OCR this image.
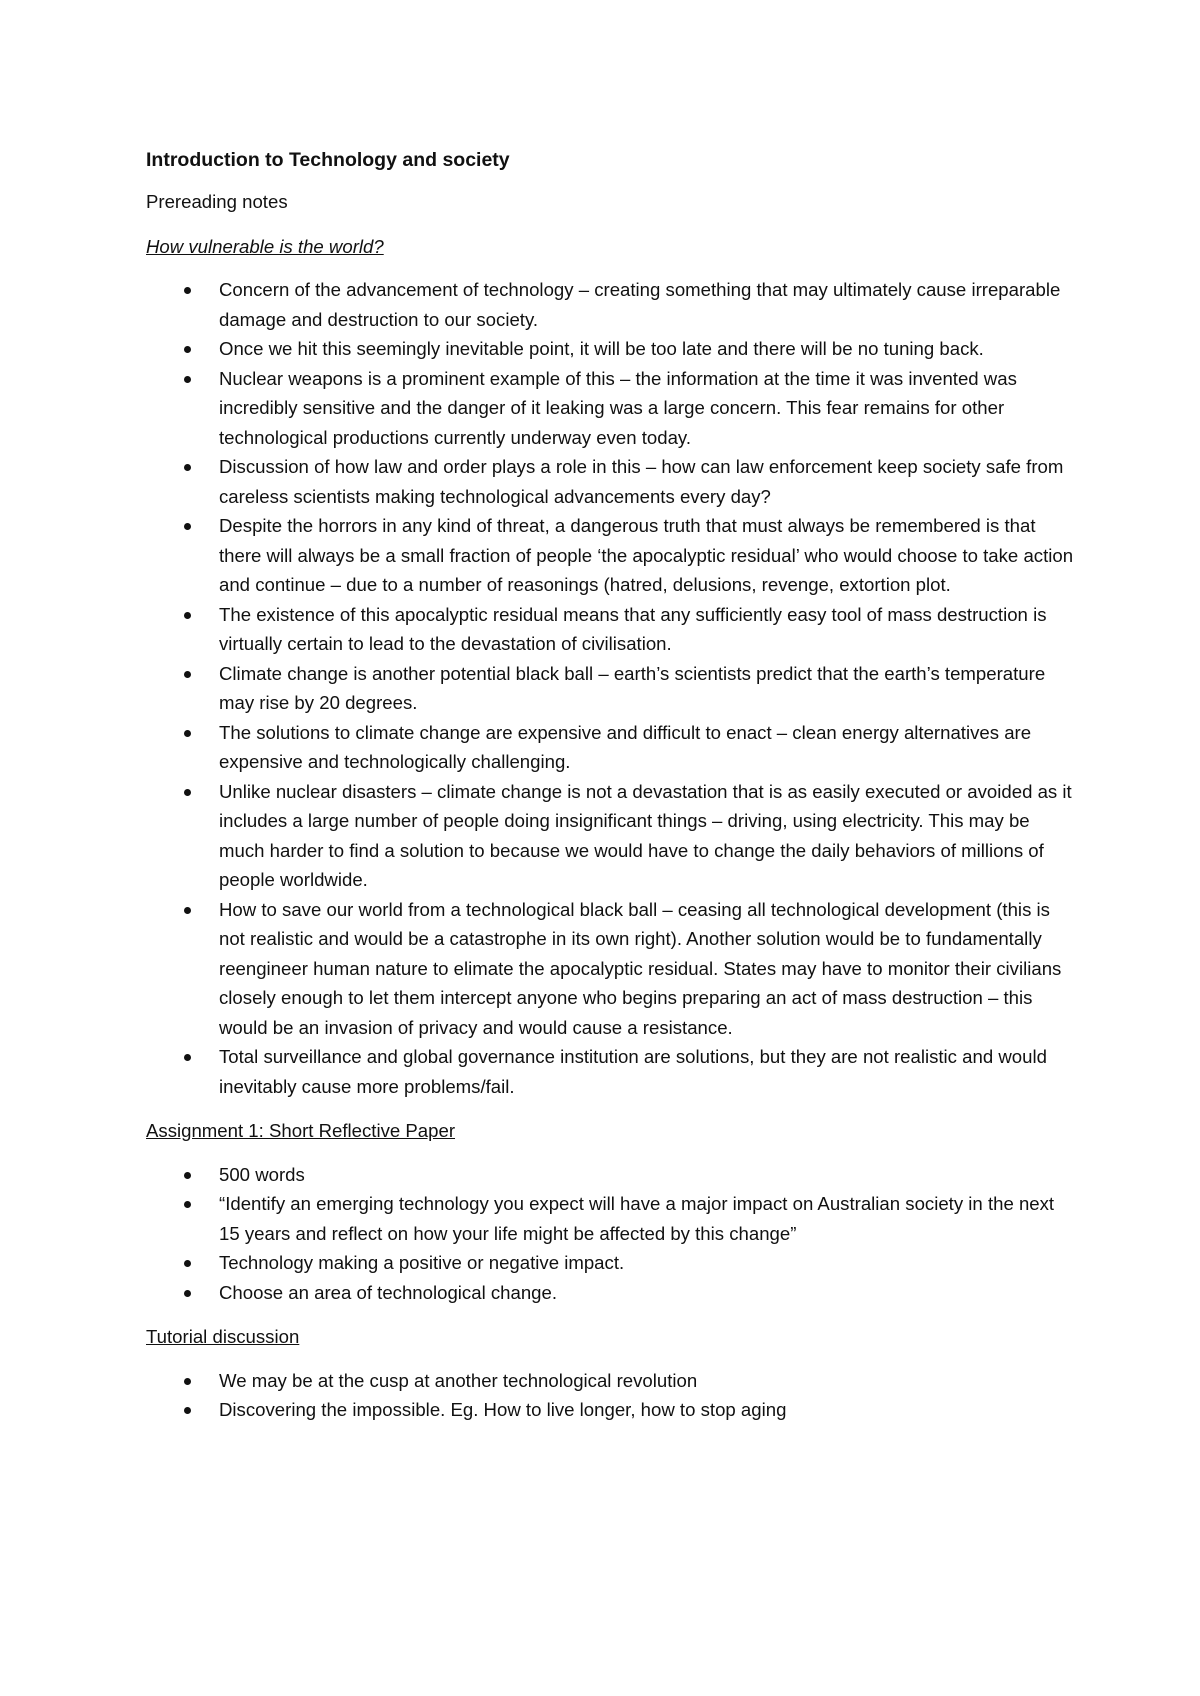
Introduction to Technology and society
Prereading notes
How vulnerable is the world?
Concern of the advancement of technology – creating something that may ultimately cause irreparable damage and destruction to our society.
Once we hit this seemingly inevitable point, it will be too late and there will be no tuning back.
Nuclear weapons is a prominent example of this – the information at the time it was invented was incredibly sensitive and the danger of it leaking was a large concern. This fear remains for other technological productions currently underway even today.
Discussion of how law and order plays a role in this – how can law enforcement keep society safe from careless scientists making technological advancements every day?
Despite the horrors in any kind of threat, a dangerous truth that must always be remembered is that there will always be a small fraction of people ‘the apocalyptic residual’ who would choose to take action and continue – due to a number of reasonings (hatred, delusions, revenge, extortion plot.
The existence of this apocalyptic residual means that any sufficiently easy tool of mass destruction is virtually certain to lead to the devastation of civilisation.
Climate change is another potential black ball – earth’s scientists predict that the earth’s temperature may rise by 20 degrees.
The solutions to climate change are expensive and difficult to enact – clean energy alternatives are expensive and technologically challenging.
Unlike nuclear disasters – climate change is not a devastation that is as easily executed or avoided as it includes a large number of people doing insignificant things – driving, using electricity. This may be much harder to find a solution to because we would have to change the daily behaviors of millions of people worldwide.
How to save our world from a technological black ball – ceasing all technological development (this is not realistic and would be a catastrophe in its own right). Another solution would be to fundamentally reengineer human nature to elimate the apocalyptic residual. States may have to monitor their civilians closely enough to let them intercept anyone who begins preparing an act of mass destruction – this would be an invasion of privacy and would cause a resistance.
Total surveillance and global governance institution are solutions, but they are not realistic and would inevitably cause more problems/fail.
Assignment 1: Short Reflective Paper
500 words
“Identify an emerging technology you expect will have a major impact on Australian society in the next 15 years and reflect on how your life might be affected by this change”
Technology making a positive or negative impact.
Choose an area of technological change.
Tutorial discussion
We may be at the cusp at another technological revolution
Discovering the impossible. Eg. How to live longer, how to stop aging
